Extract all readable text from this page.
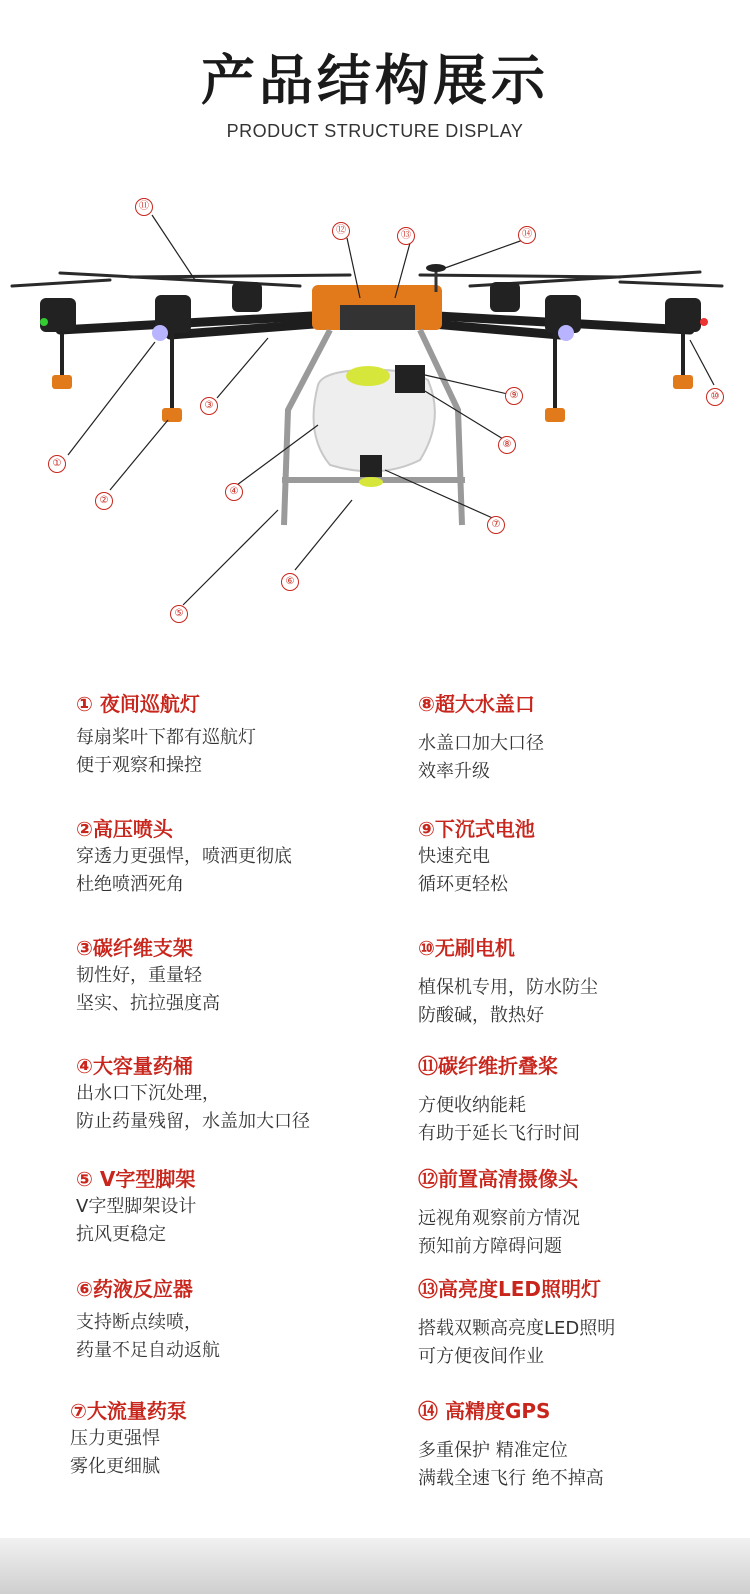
产品结构展示
PRODUCT STRUCTURE DISPLAY
⑪
⑫	⑬	⑭
①
②
③
④
⑤
⑥
⑦
⑧
⑨	⑩
① 夜间巡航灯
每扇桨叶下都有巡航灯
便于观察和操控
②高压喷头
穿透力更强悍，喷洒更彻底
杜绝喷洒死角
③碳纤维支架
韧性好，重量轻
坚实、抗拉强度高
④大容量药桶
出水口下沉处理，
防止药量残留，水盖加大口径
⑤ V字型脚架
V字型脚架设计
抗风更稳定
⑥药液反应器
支持断点续喷，
药量不足自动返航
⑦大流量药泵
压力更强悍
雾化更细腻
⑧超大水盖口
水盖口加大口径
效率升级
⑨下沉式电池
快速充电
循环更轻松
⑩无刷电机
植保机专用，防水防尘
防酸碱，散热好
⑪碳纤维折叠桨
方便收纳能耗
有助于延长飞行时间
⑫前置高清摄像头
远视角观察前方情况
预知前方障碍问题
⑬高亮度LED照明灯
搭载双颗高亮度LED照明
可方便夜间作业
⑭ 高精度GPS
多重保护 精准定位
满载全速飞行 绝不掉高
